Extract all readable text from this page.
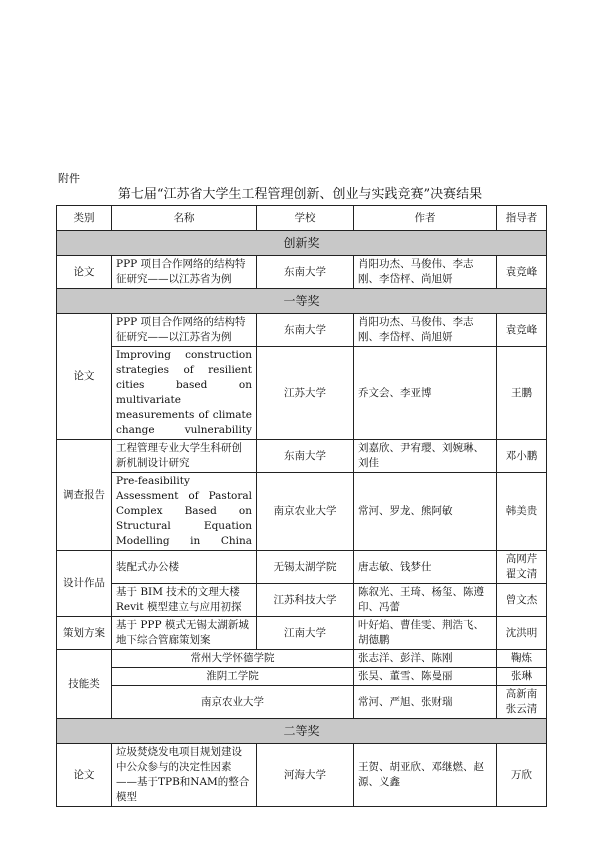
附件
第七届“江苏省大学生工程管理创新、创业与实践竞赛”决赛结果
类别	名称	学校	作者	指导者
创新奖				
论文	PPP 项目合作网络的结构特征研究——以江苏省为例	东南大学	肖阳功杰、马俊伟、李志刚、李岱枰、尚旭妍	袁竞峰
一等奖				
论文	PPP 项目合作网络的结构特征研究——以江苏省为例	东南大学	肖阳功杰、马俊伟、李志刚、李岱枰、尚旭妍	袁竞峰
	Improving construction strategies of resilient cities based on multivariate measurements of climate change vulnerability	江苏大学	乔文会、李亚博	王鹏
调查报告	工程管理专业大学生科研创新机制设计研究	东南大学	刘嘉欣、尹宥璎、刘婉琳、刘佳	邓小鹏
	Pre-feasibility Assessment of Pastoral Complex Based on Structural Equation Modelling in China	南京农业大学	常河、罗龙、熊阿敏	韩美贵
设计作品	装配式办公楼	无锡太湖学院	唐志敏、钱梦仕	高网芹 翟文清
	基于 BIM 技术的文理大楼 Revit 模型建立与应用初探	江苏科技大学	陈叙光、王琦、杨玺、陈遵印、冯蕾	曾文杰
策划方案	基于 PPP 模式无锡太湖新城地下综合管廊策划案	江南大学	叶好焰、曹佳雯、荆浩飞、胡德鹏	沈洪明
技能类	常州大学怀德学院		张志洋、彭洋、陈刚	鞠炼
	淮阴工学院		张昊、董雪、陈曼丽	张琳
	南京农业大学		常河、严旭、张财瑞	高新南 张云清
二等奖				
论文	垃圾焚烧发电项目规划建设中公众参与的决定性因素——基于TPB和NAM的整合模型	河海大学	王贺、胡亚欣、邓继燃、赵源、义鑫	万欣
